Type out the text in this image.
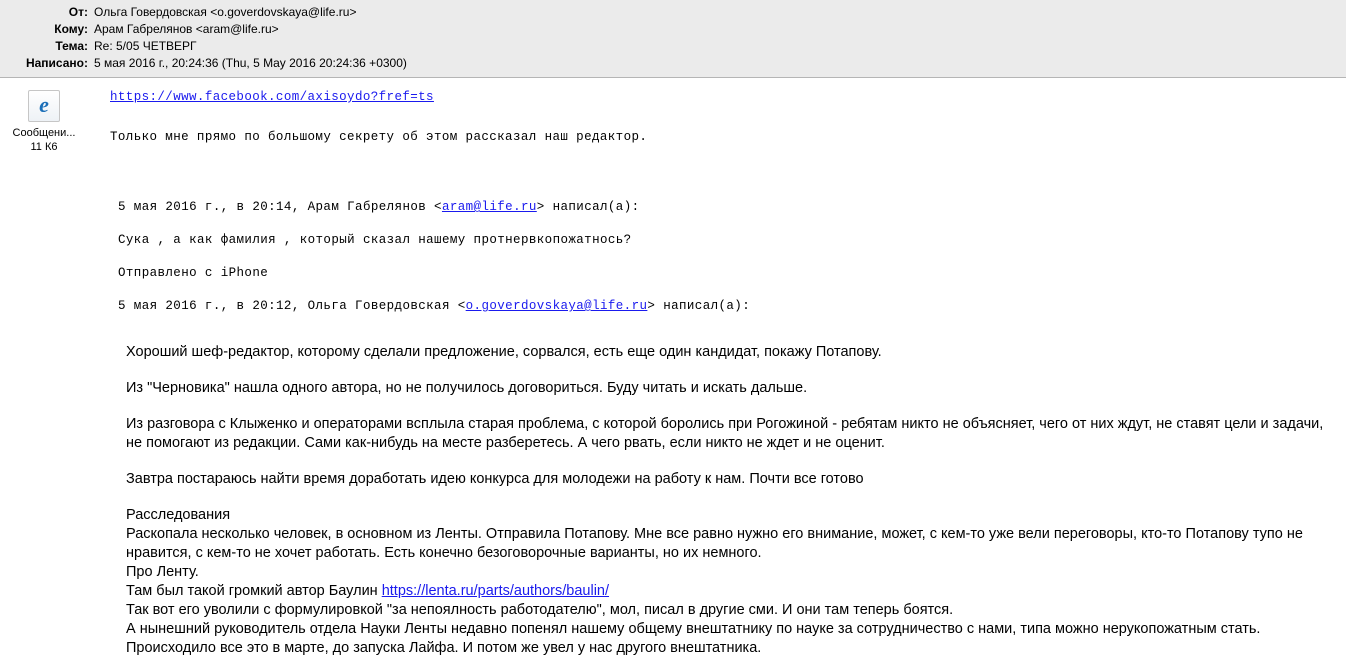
От: Ольга Говердовская <o.goverdovskaya@life.ru>
Кому: Арам Габрелянов <aram@life.ru>
Тема: Re: 5/05 ЧЕТВЕРГ
Написано: 5 мая 2016 г., 20:24:36 (Thu, 5 May 2016 20:24:36 +0300)
e
Сообщени...
11 К6
https://www.facebook.com/axisoydo?fref=ts
Только мне прямо по большому секрету об этом рассказал наш редактор.
5 мая 2016 г., в 20:14, Арам Габрелянов <aram@life.ru> написал(а):
Сука , а как фамилия , который сказал нашему протнервкопожатнось?
Отправлено с iPhone
5 мая 2016 г., в 20:12, Ольга Говердовская <o.goverdovskaya@life.ru> написал(а):

Хороший шеф-редактор, которому сделали предложение, сорвался, есть еще один кандидат, покажу Потапову.

Из "Черновика" нашла одного автора, но не получилось договориться. Буду читать и искать дальше.

Из разговора с Клыженко и операторами всплыла старая проблема, с которой боролись при Рогожиной - ребятам никто не объясняет, чего от них ждут, не ставят цели и задачи, не помогают из редакции. Сами как-нибудь на месте разберетесь. А чего рвать, если никто не ждет и не оценит.

Завтра постараюсь найти время доработать идею конкурса для молодежи на работу к нам. Почти все готово

Расследования

Раскопала несколько человек, в основном из Ленты. Отправила Потапову. Мне все равно нужно его внимание, может, с кем-то уже вели переговоры, кто-то Потапову тупо не нравится, с кем-то не хочет работать. Есть конечно безоговорочные варианты, но их немного.

Про Ленту.

Там был такой громкий автор Баулин https://lenta.ru/parts/authors/baulin/

Так вот его уволили с формулировкой "за непоялность работодателю", мол, писал в другие сми. И они там теперь боятся.

А нынешний руководитель отдела Науки Ленты недавно попенял нашему общему внештатнику по науке за сотрудничество с нами, типа можно нерукопожатным стать.

Происходило все это в марте, до запуска Лайфа. И потом же увел у нас другого внештатника.
